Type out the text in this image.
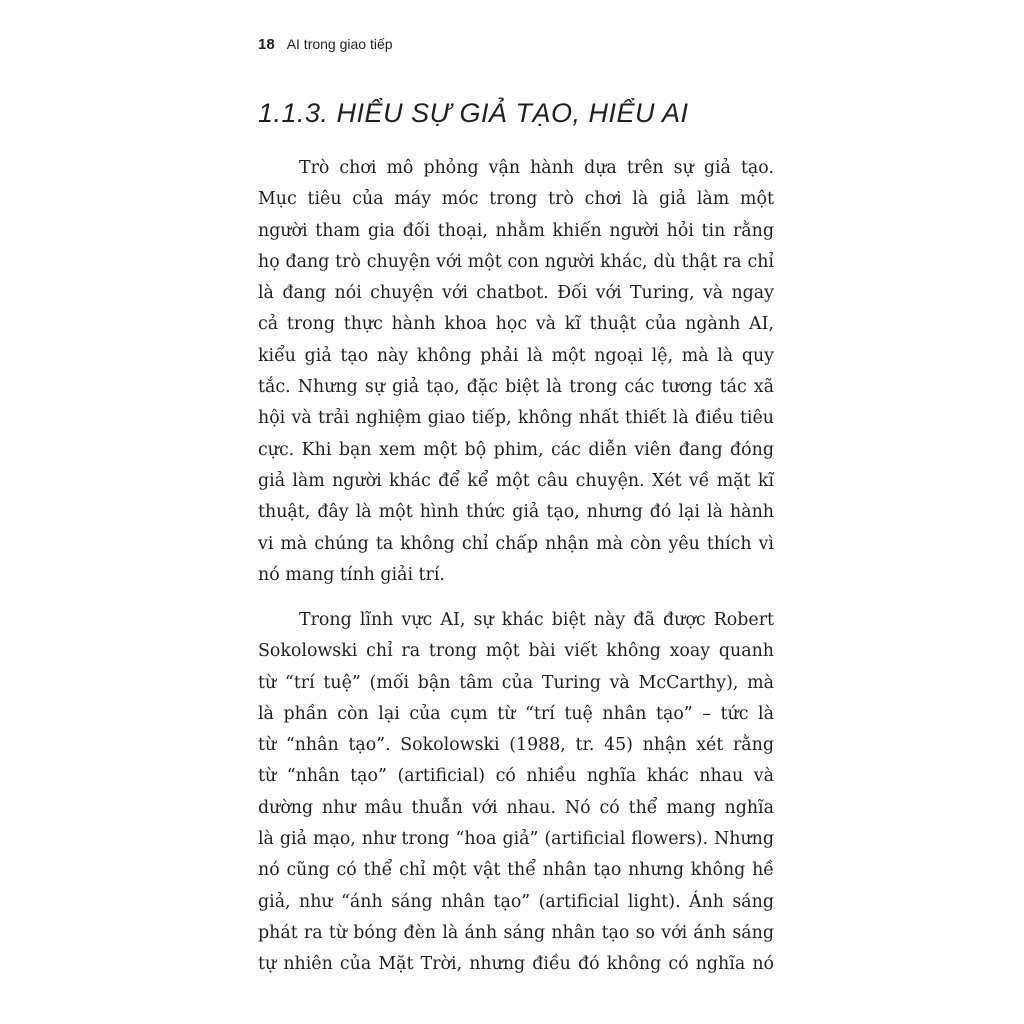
18 AI trong giao tiếp
1.1.3. HIỂU SỰ GIẢ TẠO, HIỂU AI
Trò chơi mô phỏng vận hành dựa trên sự giả tạo.
Mục tiêu của máy móc trong trò chơi là giả làm một
người tham gia đối thoại, nhằm khiến người hỏi tin rằng
họ đang trò chuyện với một con người khác, dù thật ra chỉ
là đang nói chuyện với chatbot. Đối với Turing, và ngay
cả trong thực hành khoa học và kĩ thuật của ngành AI,
kiểu giả tạo này không phải là một ngoại lệ, mà là quy
tắc. Nhưng sự giả tạo, đặc biệt là trong các tương tác xã
hội và trải nghiệm giao tiếp, không nhất thiết là điều tiêu
cực. Khi bạn xem một bộ phim, các diễn viên đang đóng
giả làm người khác để kể một câu chuyện. Xét về mặt kĩ
thuật, đây là một hình thức giả tạo, nhưng đó lại là hành
vi mà chúng ta không chỉ chấp nhận mà còn yêu thích vì
nó mang tính giải trí.
Trong lĩnh vực AI, sự khác biệt này đã được Robert
Sokolowski chỉ ra trong một bài viết không xoay quanh
từ “trí tuệ” (mối bận tâm của Turing và McCarthy), mà
là phần còn lại của cụm từ “trí tuệ nhân tạo” – tức là
từ “nhân tạo”. Sokolowski (1988, tr. 45) nhận xét rằng
từ “nhân tạo” (artificial) có nhiều nghĩa khác nhau và
dường như mâu thuẫn với nhau. Nó có thể mang nghĩa
là giả mạo, như trong “hoa giả” (artificial flowers). Nhưng
nó cũng có thể chỉ một vật thể nhân tạo nhưng không hề
giả, như “ánh sáng nhân tạo” (artificial light). Ánh sáng
phát ra từ bóng đèn là ánh sáng nhân tạo so với ánh sáng
tự nhiên của Mặt Trời, nhưng điều đó không có nghĩa nó
